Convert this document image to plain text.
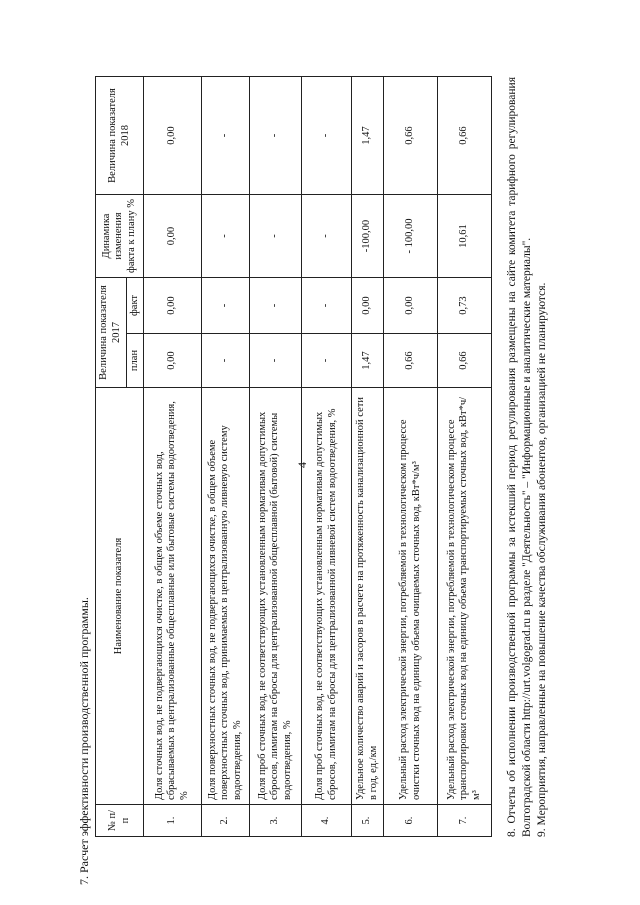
4
7. Расчет эффективности производственной программы. № п/п	Наименование показателя	Величина показателя 2017		Динамика изменения факта к плану %	Величина показателя 2018
		план	факт		
1.	Доля сточных вод, не подвергающихся очистке, в общем объеме сточных вод, сбрасываемых в централизованные общесплавные или бытовые системы водоотведения, %	0,00	0,00	0,00	0,00
2.	Доля поверхностных сточных вод, не подвергающихся очистке, в общем объеме поверхностных сточных вод, принимаемых в централизованную ливневую систему водоотведения, %	-	-	-	-
3.	Доля проб сточных вод, не соответствующих установленным нормативам допустимых сбросов, лимитам на сбросы для централизованной общесплавной (бытовой) системы водоотведения, %	-	-	-	-
4.	Доля проб сточных вод, не соответствующих установленным нормативам допустимых сбросов, лимитам на сбросы для централизованной ливневой систем водоотведения, %	-	-	-	-
5.	Удельное количество аварий и засоров в расчете на протяженность канализационной сети в год, ед./км	1,47	0,00	-100,00	1,47
6.	Удельный расход электрической энергии, потребляемой в технологическом процессе очистки сточных вод на единицу объема очищаемых сточных вод, кВт*ч/м³	0,66	0,00	- 100,00	0,66
7.	Удельный расход электрической энергии, потребляемой в технологическом процессе транспортировки сточных вод на единицу объема транспортируемых сточных вод, кВт*ч/м³	0,66	0,73	10,61	0,66	8. Отчеты об исполнении производственной программы за истекший период регулирования размещены на сайте комитета тарифного регулирования Волгоградской области http://urt.volgograd.ru в разделе "Деятельность" – "Информационные и аналитические материалы". 9. Мероприятия, направленные на повышение качества обслуживания абонентов, организацией не планируются.
